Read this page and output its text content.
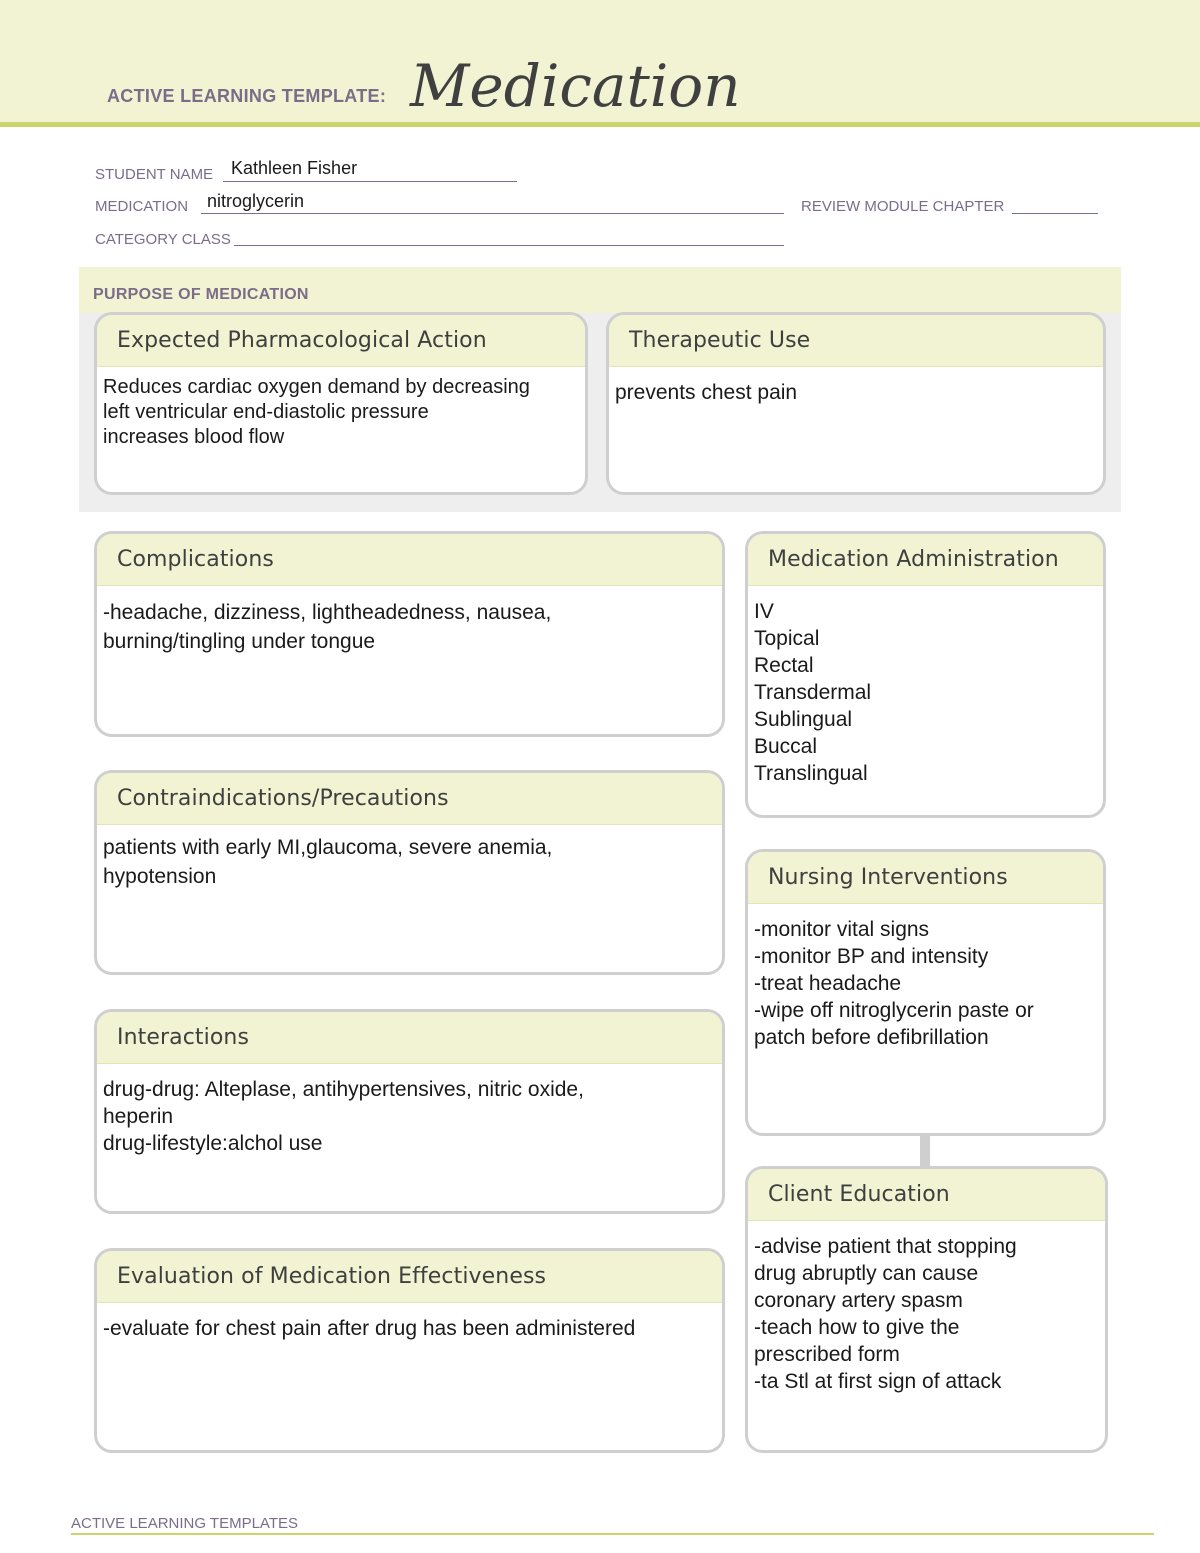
ACTIVE LEARNING TEMPLATE: Medication
STUDENT NAME Kathleen Fisher
MEDICATION nitroglycerin	REVIEW MODULE CHAPTER
CATEGORY CLASS
PURPOSE OF MEDICATION
Expected Pharmacological Action
Reduces cardiac oxygen demand by decreasing
left ventricular end-diastolic pressure
increases blood flow
Therapeutic Use
prevents chest pain
Complications
-headache, dizziness, lightheadedness, nausea,
burning/tingling under tongue
Medication Administration
IV
Topical
Rectal
Transdermal
Sublingual
Buccal
Translingual
Contraindications/Precautions
patients with early MI,glaucoma, severe anemia,
hypotension	Nursing Interventions
-monitor vital signs
-monitor BP and intensity
-treat headache
-wipe off nitroglycerin paste or
patch before defibrillation
Interactions
drug-drug: Alteplase, antihypertensives, nitric oxide,
heperin
drug-lifestyle:alchol use
Client Education
-advise patient that stopping
drug abruptly can cause
coronary artery spasm
-teach how to give the
prescribed form
-ta Stl at first sign of attack
Evaluation of Medication Effectiveness
-evaluate for chest pain after drug has been administered
ACTIVE LEARNING TEMPLATES
